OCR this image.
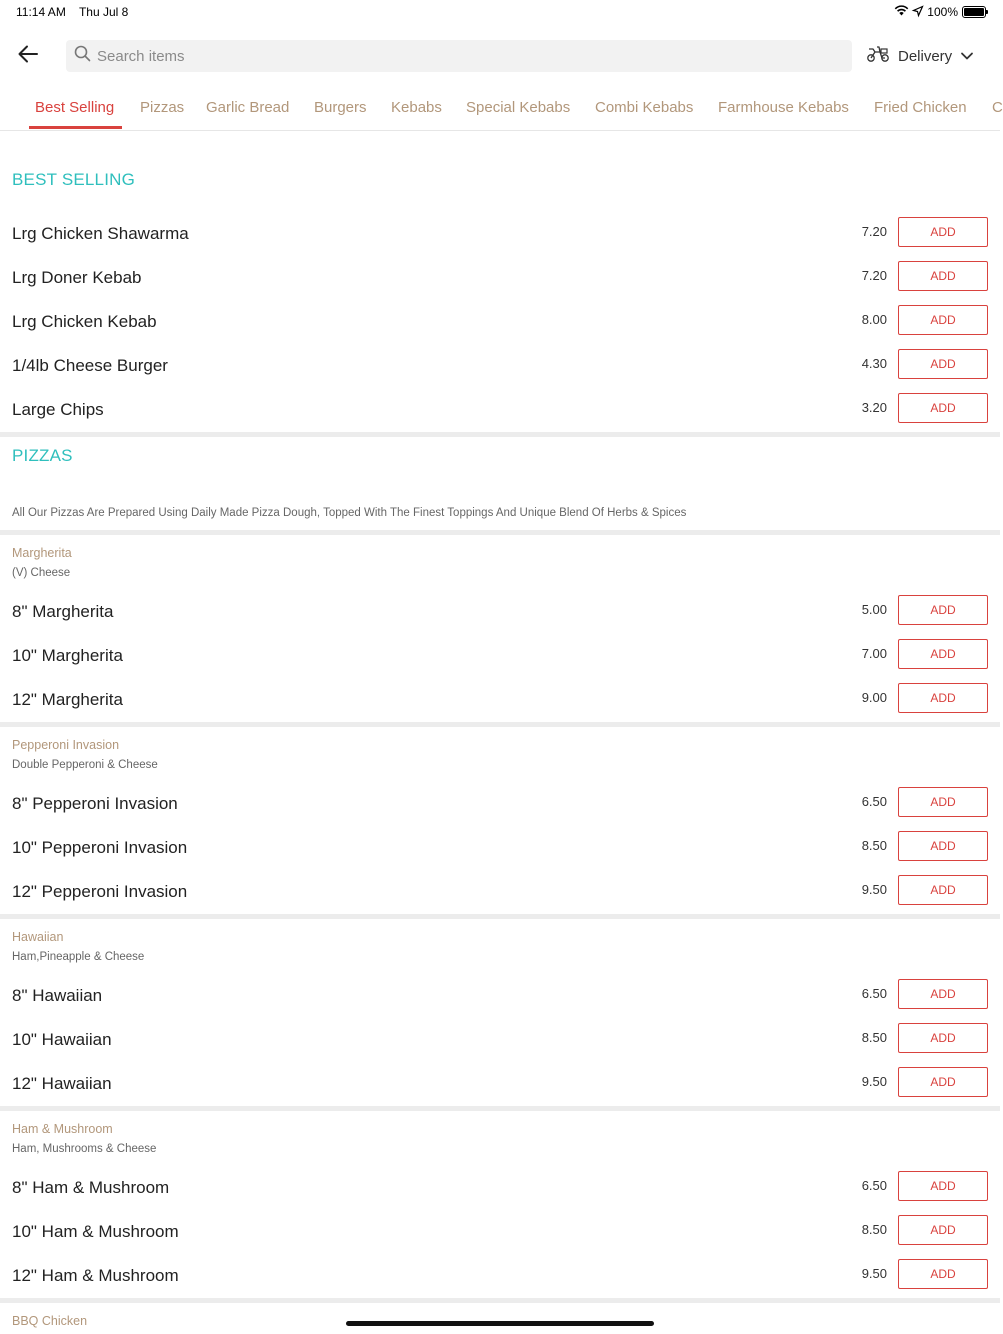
11:14 AM Thu Jul 8	100%
Search items
Delivery
Best Selling Pizzas Garlic Bread Burgers Kebabs Special Kebabs Combi Kebabs Farmhouse Kebabs Fried Chicken C
BEST SELLING
Lrg Chicken Shawarma	7.20	ADD
Lrg Doner Kebab	7.20	ADD
Lrg Chicken Kebab	8.00	ADD
1/4lb Cheese Burger	4.30	ADD
Large Chips	3.20	ADD
PIZZAS
All Our Pizzas Are Prepared Using Daily Made Pizza Dough, Topped With The Finest Toppings And Unique Blend Of Herbs & Spices
Margherita
(V) Cheese
8" Margherita	5.00	ADD
10" Margherita	7.00	ADD
12" Margherita	9.00	ADD
Pepperoni Invasion
Double Pepperoni & Cheese
8" Pepperoni Invasion	6.50	ADD
10" Pepperoni Invasion	8.50	ADD
12" Pepperoni Invasion	9.50	ADD
Hawaiian
Ham,Pineapple & Cheese
8" Hawaiian	6.50	ADD
10" Hawaiian	8.50	ADD
12" Hawaiian	9.50	ADD
Ham & Mushroom
Ham, Mushrooms & Cheese
8" Ham & Mushroom	6.50	ADD
10" Ham & Mushroom	8.50	ADD
12" Ham & Mushroom	9.50	ADD
BBQ Chicken
